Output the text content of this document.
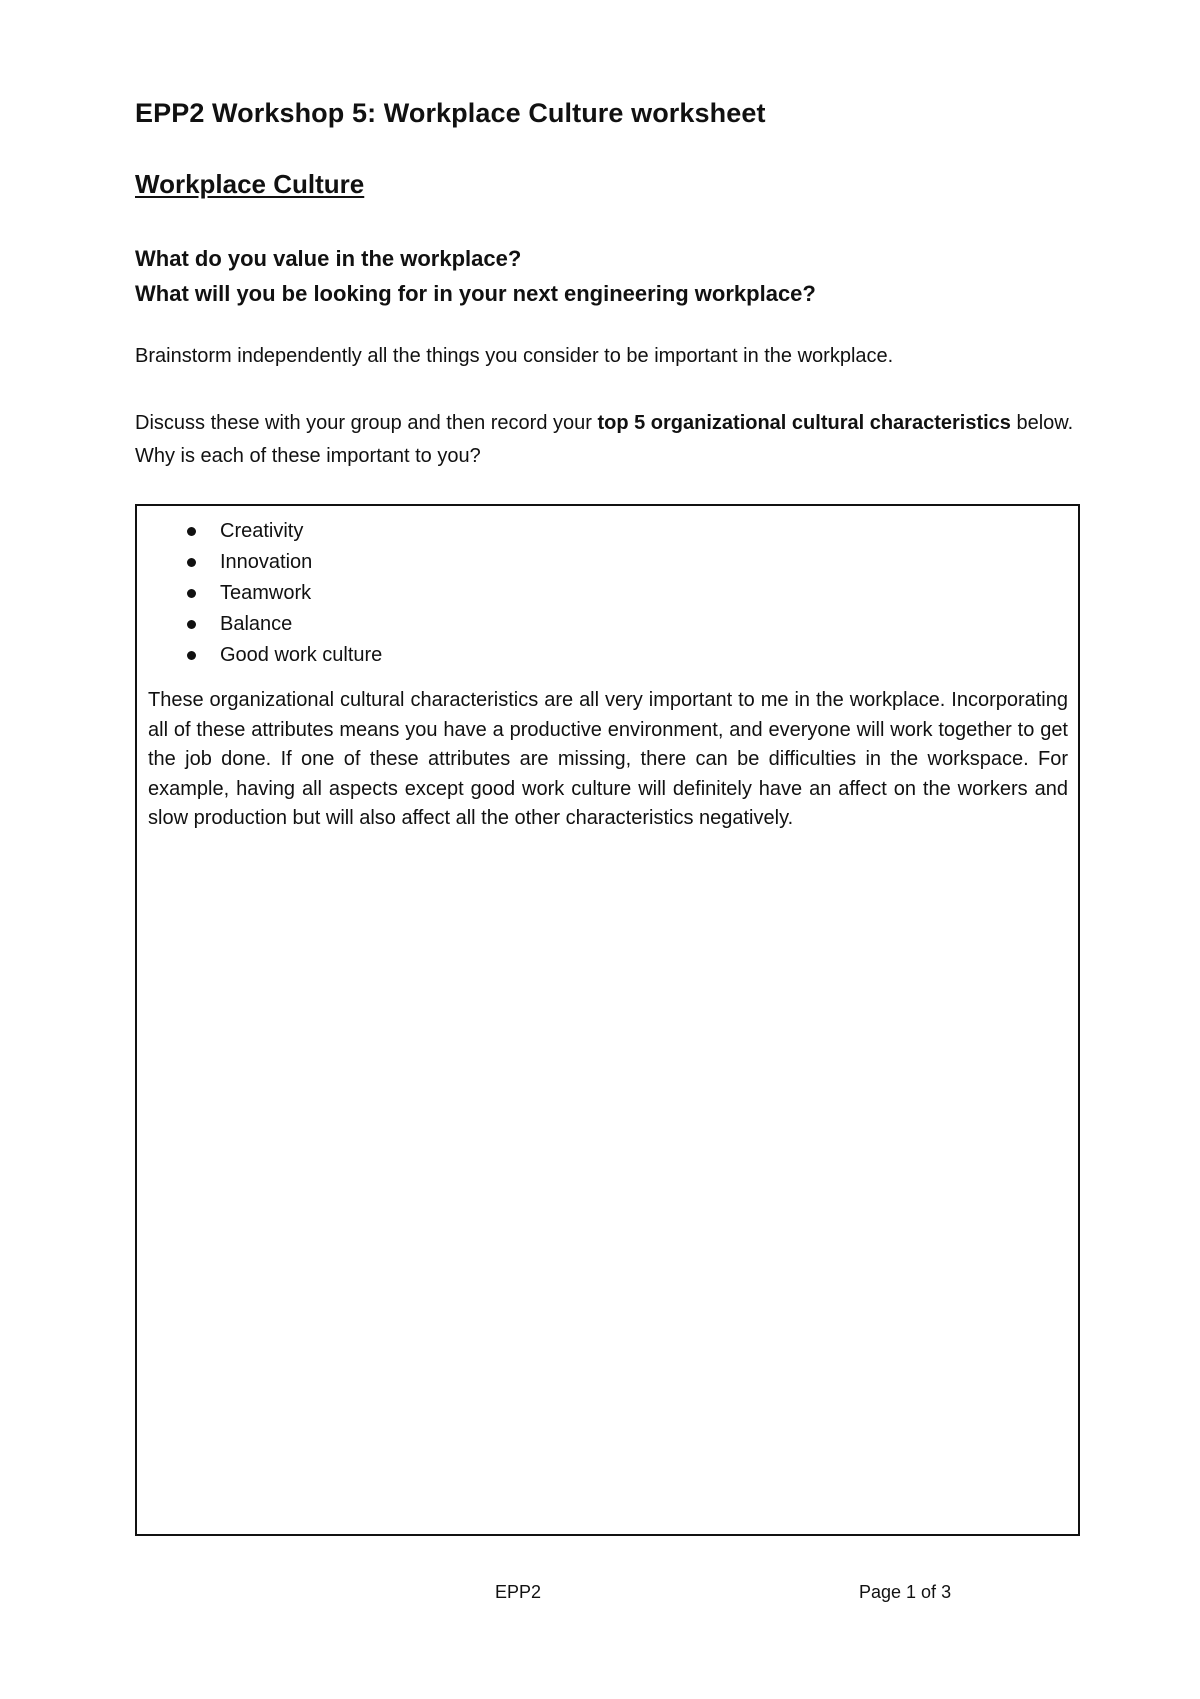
EPP2 Workshop 5: Workplace Culture worksheet
Workplace Culture
What do you value in the workplace?
What will you be looking for in your next engineering workplace?
Brainstorm independently all the things you consider to be important in the workplace.
Discuss these with your group and then record your top 5 organizational cultural characteristics below. Why is each of these important to you?
Creativity
Innovation
Teamwork
Balance
Good work culture

These organizational cultural characteristics are all very important to me in the workplace. Incorporating all of these attributes means you have a productive environment, and everyone will work together to get the job done. If one of these attributes are missing, there can be difficulties in the workspace. For example, having all aspects except good work culture will definitely have an affect on the workers and slow production but will also affect all the other characteristics negatively.

EPP2	Page 1 of 3
